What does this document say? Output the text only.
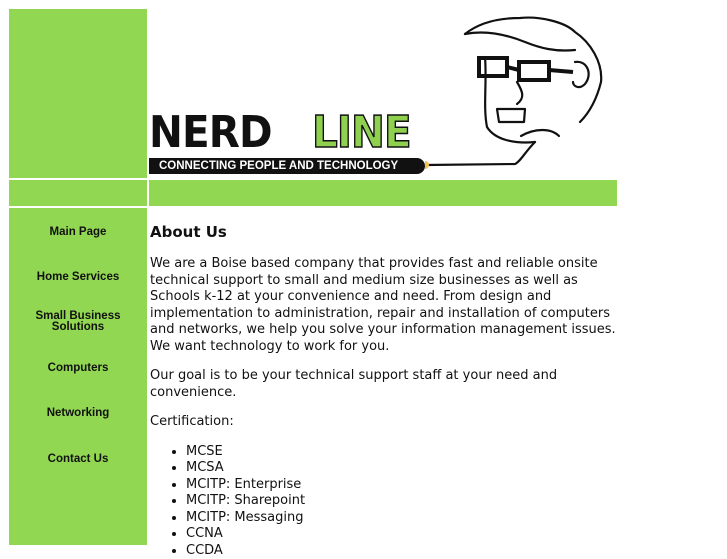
NERD LINE
CONNECTING PEOPLE AND TECHNOLOGY
Main Page
Home Services
Small Business
Solutions
Computers
Networking
Contact Us
About Us

We are a Boise based company that provides fast and reliable onsite technical support to small and medium size businesses as well as Schools k-12 at your convenience and need. From design and implementation to administration, repair and installation of computers and networks, we help you solve your information management issues. We want technology to work for you.

Our goal is to be your technical support staff at your need and convenience.

Certification:

• MCSE
• MCSA
• MCITP: Enterprise
• MCITP: Sharepoint
• MCITP: Messaging
• CCNA
• CCDA
